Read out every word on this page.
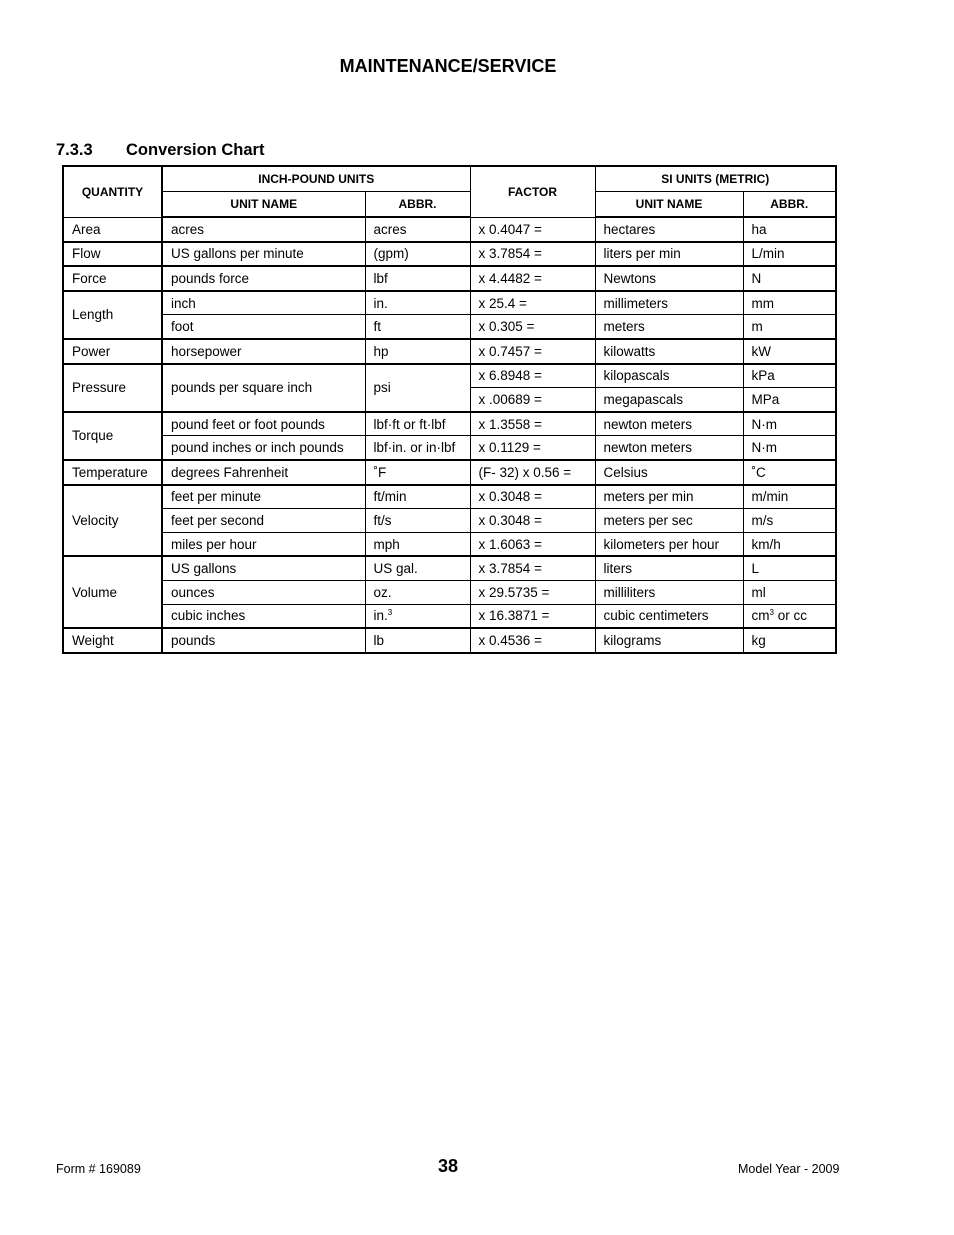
MAINTENANCE/SERVICE
7.3.3 Conversion Chart
QUANTITY	INCH-POUND UNITS		FACTOR	SI UNITS (METRIC)	
	UNIT NAME	ABBR.		UNIT NAME	ABBR.
Area	acres	acres	x 0.4047 =	hectares	ha
Flow	US gallons per minute	(gpm)	x 3.7854 =	liters per min	L/min
Force	pounds force	lbf	x 4.4482 =	Newtons	N
Length	inch	in.	x 25.4 =	millimeters	mm
	foot	ft	x 0.305 =	meters	m
Power	horsepower	hp	x 0.7457 =	kilowatts	kW
Pressure	pounds per square inch	psi	x 6.8948 =	kilopascals	kPa
			x .00689 =	megapascals	MPa
Torque	pound feet or foot pounds	lbf·ft or ft·lbf	x 1.3558 =	newton meters	N·m
	pound inches or inch pounds	lbf·in. or in·lbf	x 0.1129 =	newton meters	N·m
Temperature	degrees Fahrenheit	˚F	(F- 32) x 0.56 =	Celsius	˚C
Velocity	feet per minute	ft/min	x 0.3048 =	meters per min	m/min
	feet per second	ft/s	x 0.3048 =	meters per sec	m/s
	miles per hour	mph	x 1.6063 =	kilometers per hour	km/h
Volume	US gallons	US gal.	x 3.7854 =	liters	L
	ounces	oz.	x 29.5735 =	milliliters	ml
	cubic inches	in.$^3$	x 16.3871 =	cubic centimeters	$cm^3$ or cc
Weight	pounds	lb	x 0.4536 =	kilograms	kg
Form # 169089	38	Model Year - 2009
